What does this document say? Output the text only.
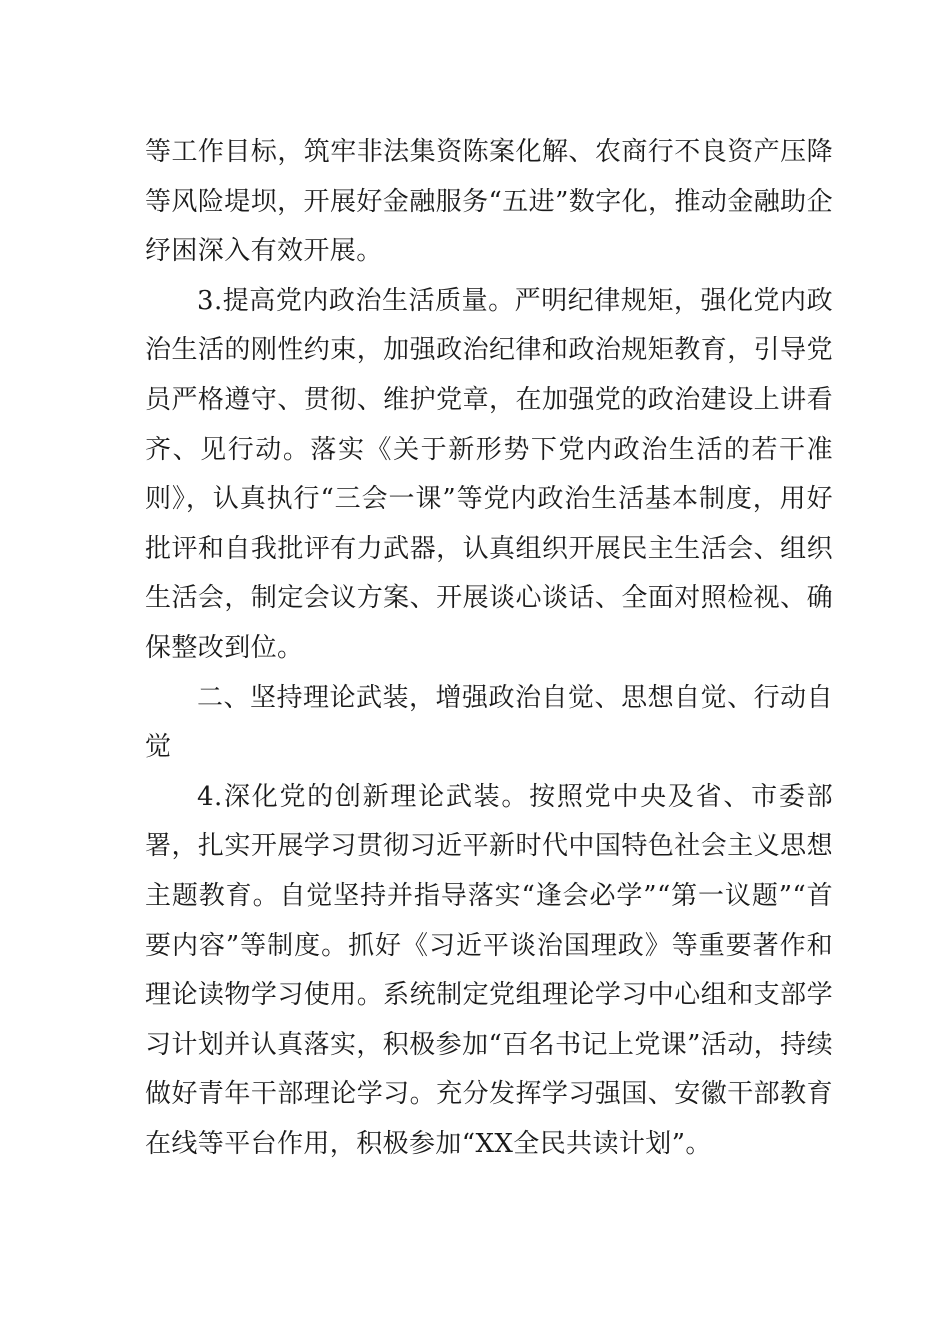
等工作目标，筑牢非法集资陈案化解、农商行不良资产压降等风险堤坝，开展好金融服务“五进”数字化，推动金融助企纾困深入有效开展。

3.提高党内政治生活质量。严明纪律规矩，强化党内政治生活的刚性约束，加强政治纪律和政治规矩教育，引导党员严格遵守、贯彻、维护党章，在加强党的政治建设上讲看齐、见行动。落实《关于新形势下党内政治生活的若干准则》，认真执行“三会一课”等党内政治生活基本制度，用好批评和自我批评有力武器，认真组织开展民主生活会、组织生活会，制定会议方案、开展谈心谈话、全面对照检视、确保整改到位。

二、坚持理论武装，增强政治自觉、思想自觉、行动自觉

4.深化党的创新理论武装。按照党中央及省、市委部署，扎实开展学习贯彻习近平新时代中国特色社会主义思想主题教育。自觉坚持并指导落实“逢会必学”“第一议题”“首要内容”等制度。抓好《习近平谈治国理政》等重要著作和理论读物学习使用。系统制定党组理论学习中心组和支部学习计划并认真落实，积极参加“百名书记上党课”活动，持续做好青年干部理论学习。充分发挥学习强国、安徽干部教育在线等平台作用，积极参加“XX全民共读计划”。
